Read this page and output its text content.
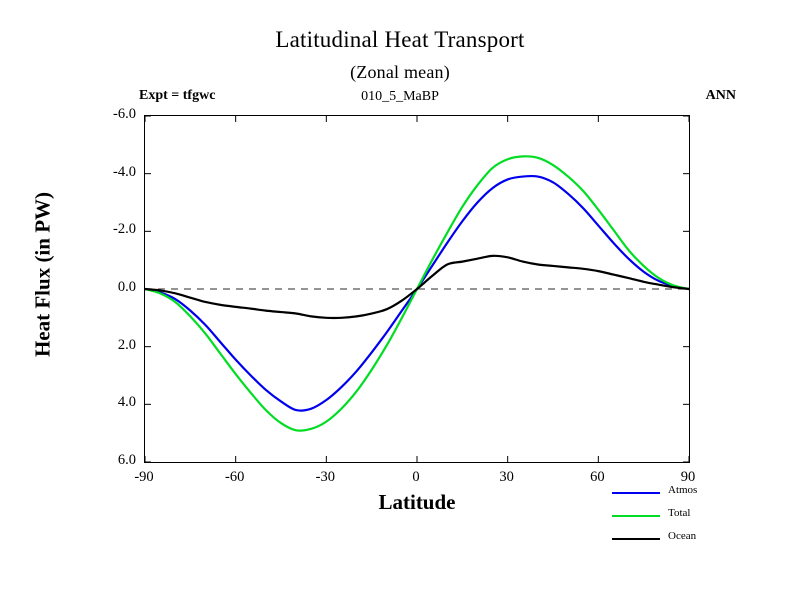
Latitudinal Heat Transport
(Zonal mean)
Expt = tfgwc	010_5_MaBP	ANN
Heat Flux (in PW)
Latitude
6.0
4.0
2.0
0.0
-2.0
-4.0
-6.0
-90	-60	-30	0	30	60	90
Atmos
Total
Ocean
